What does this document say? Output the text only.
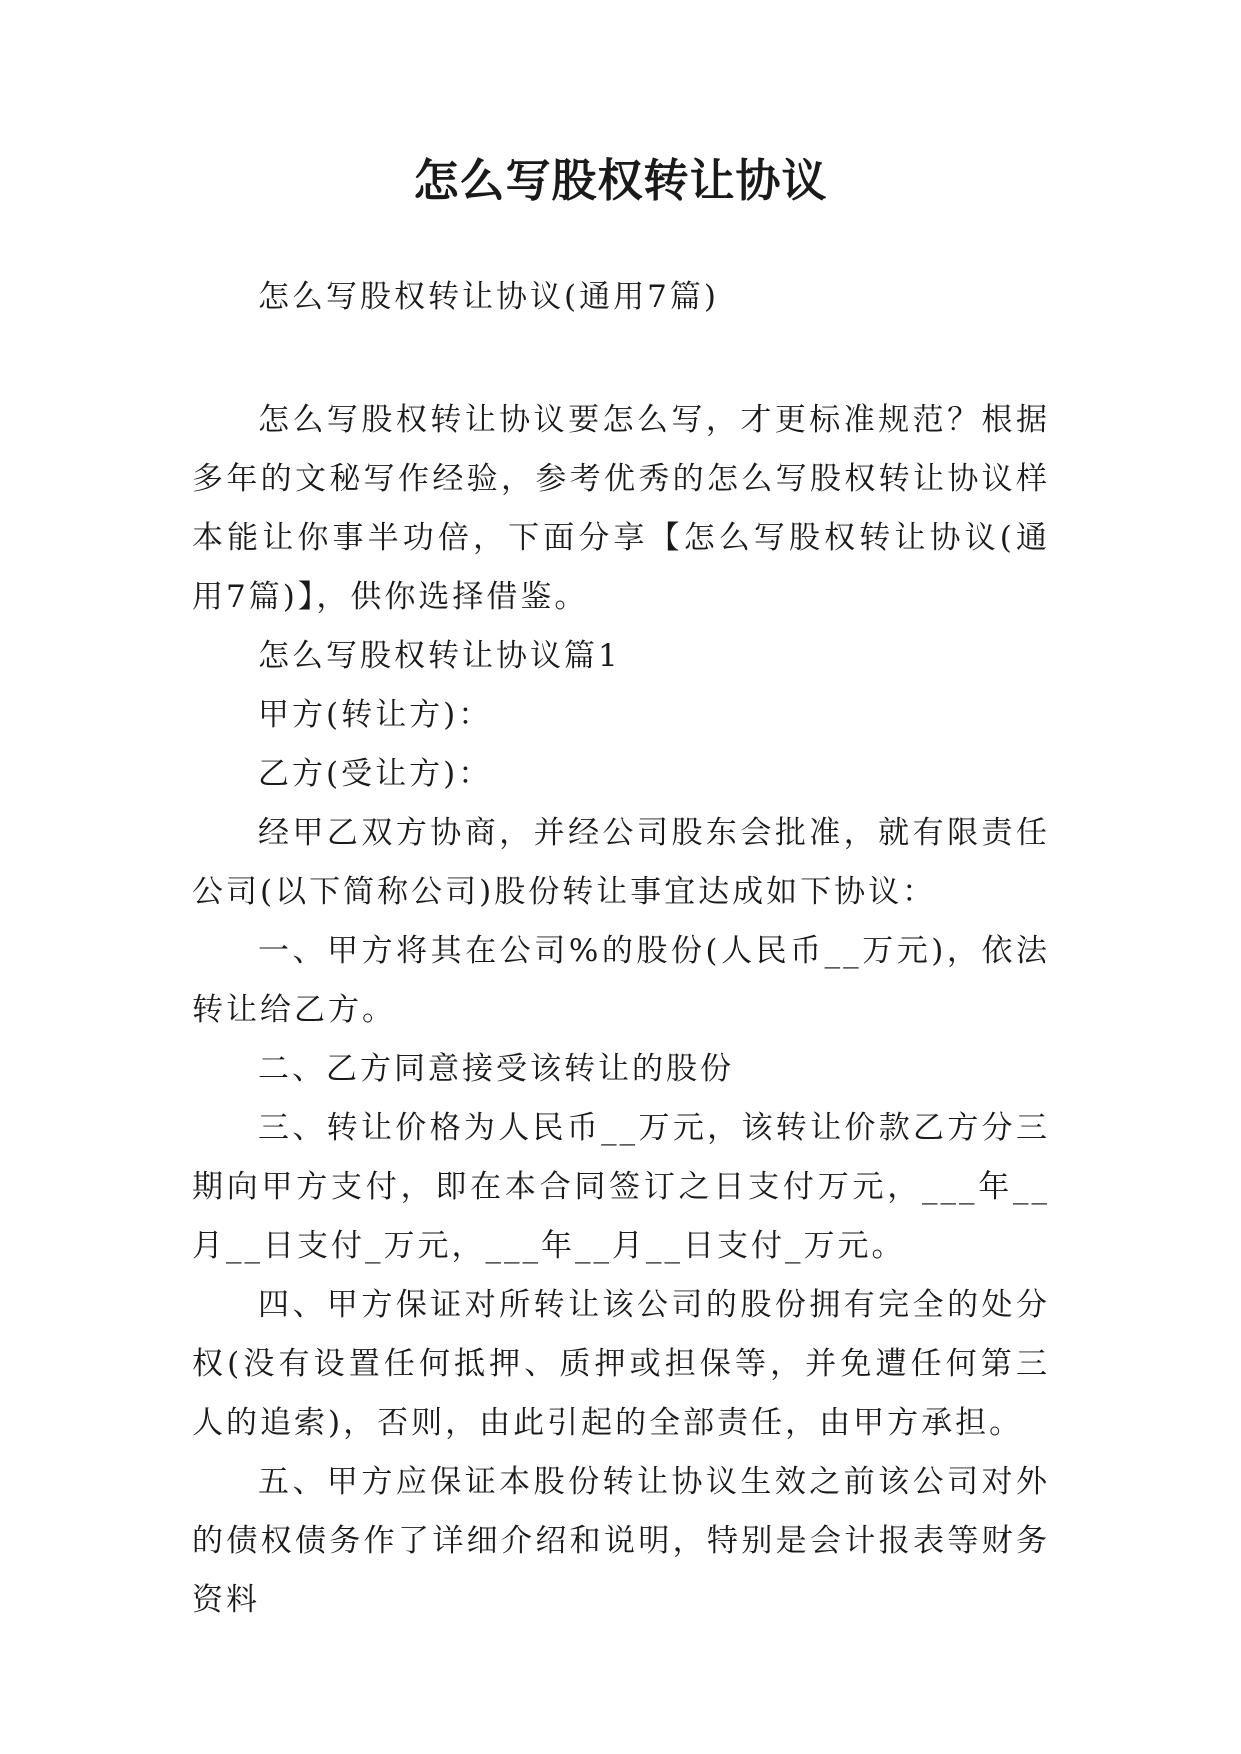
怎么写股权转让协议

怎么写股权转让协议(通用7篇)

怎么写股权转让协议要怎么写，才更标准规范？根据多年的文秘写作经验，参考优秀的怎么写股权转让协议样本能让你事半功倍，下面分享【怎么写股权转让协议(通用7篇)】，供你选择借鉴。

怎么写股权转让协议篇1

甲方(转让方)：

乙方(受让方)：

经甲乙双方协商，并经公司股东会批准，就有限责任公司(以下简称公司)股份转让事宜达成如下协议：

一、甲方将其在公司%的股份(人民币__万元)，依法转让给乙方。

二、乙方同意接受该转让的股份

三、转让价格为人民币__万元，该转让价款乙方分三期向甲方支付，即在本合同签订之日支付万元，___年__月__日支付_万元，___年__月__日支付_万元。

四、甲方保证对所转让该公司的股份拥有完全的处分权(没有设置任何抵押、质押或担保等，并免遭任何第三人的追索)，否则，由此引起的全部责任，由甲方承担。

五、甲方应保证本股份转让协议生效之前该公司对外的债权债务作了详细介绍和说明，特别是会计报表等财务资料
